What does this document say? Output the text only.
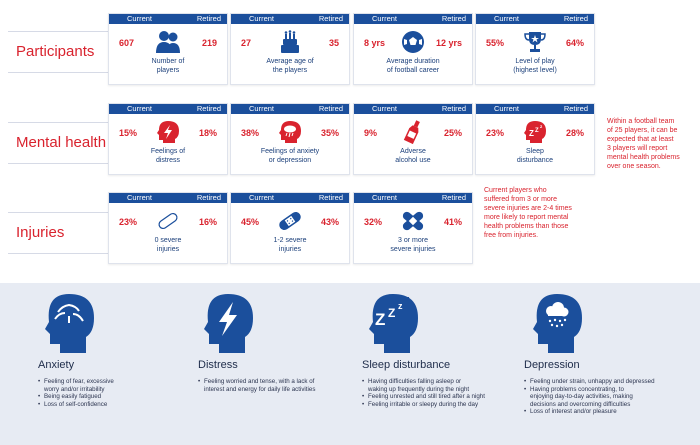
Participants
Mental health
Injuries
Current	Retired
607	219
Number of
players
Current	Retired
27	35
Average age of
the players
Current	Retired
8 yrs	12 yrs
Average duration
of football career
Current	Retired
55%	64%
Level of play
(highest level)
Current	Retired
15%	18%
Feelings of
distress
Current	Retired
38%	35%
Feelings of anxiety
or depression
Current	Retired
9%	25%
Adverse
alcohol use
Current	Retired
23%	28%
Z Z
z
Sleep
disturbance
Within a football team
of 25 players, it can be
expected that at least
3 players will report
mental health problems
over one season.
Current	Retired
23%	16%
0 severe
injuries
Current	Retired
45%	43%
1-2 severe
injuries
Current	Retired
32%	41%
3 or more
severe injuries
Current players who
suffered from 3 or more
severe injuries are 2-4 times
more likely to report mental
health problems than those
free from injuries.
Z Z z
z
Anxiety
• Feeling of fear, excessive
worry and/or irritability
• Being easily fatigued
• Loss of self-confidence
Distress
• Feeling worried and tense, with a lack of
interest and energy for daily life activities
Sleep disturbance
• Having difficulties falling asleep or
waking up frequently during the night
• Feeling unrested and still tired after a night
• Feeling irritable or sleepy during the day
Depression
• Feeling under strain, unhappy and depressed
• Having problems concentrating, to
enjoying day-to-day activities, making
decisions and overcoming difficulties
• Loss of interest and/or pleasure
